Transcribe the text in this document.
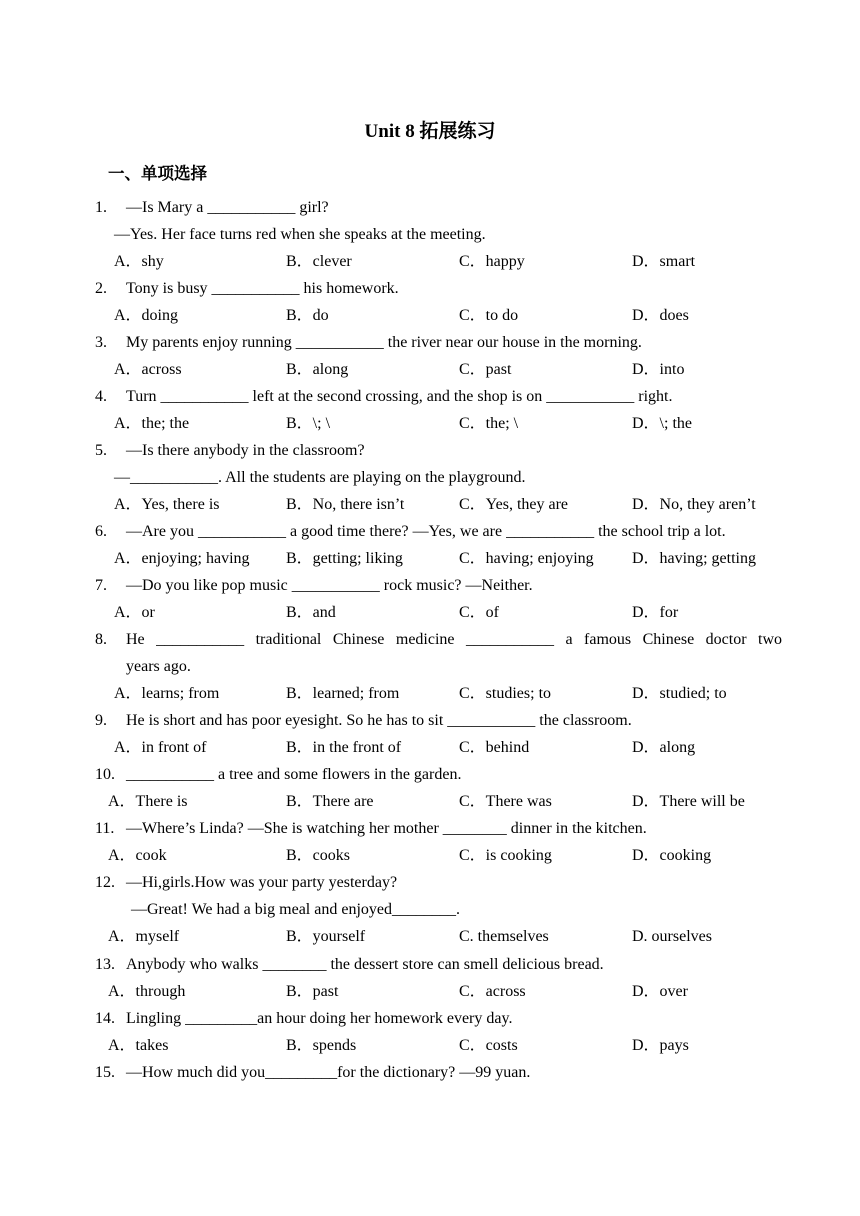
Unit 8 拓展练习
一、单项选择
1. —Is Mary a ___________ girl?
—Yes. Her face turns red when she speaks at the meeting.
A．shy	B．clever	C．happy	D．smart
2. Tony is busy ___________ his homework.
A．doing	B．do	C．to do	D．does
3. My parents enjoy running ___________ the river near our house in the morning.
A．across	B．along	C．past	D．into
4. Turn ___________ left at the second crossing, and the shop is on ___________ right.
A．the; the	B．\; \	C．the; \	D．\; the
5. —Is there anybody in the classroom?
—___________. All the students are playing on the playground.
A．Yes, there is	B．No, there isn’t	C．Yes, they are	D．No, they aren’t
6. —Are you ___________ a good time there? —Yes, we are ___________ the school trip a lot.
A．enjoying; having B．getting; liking	C．having; enjoying D．having; getting
7. —Do you like pop music ___________ rock music? —Neither.
A．or	B．and	C．of	D．for
8. He ___________ traditional Chinese medicine ___________ a famous Chinese doctor two
years ago.
A．learns; from	B．learned; from	C．studies; to	D．studied; to
9. He is short and has poor eyesight. So he has to sit ___________ the classroom.
A．in front of	B．in the front of	C．behind	D．along
10. ___________ a tree and some flowers in the garden.
A．There is	B．There are	C．There was	D．There will be
11. —Where’s Linda? —She is watching her mother ________ dinner in the kitchen.
A．cook	B．cooks	C．is cooking	D．cooking
12. —Hi,girls.How was your party yesterday?
—Great! We had a big meal and enjoyed________.
A．myself	B．yourself	C. themselves	D. ourselves
13. Anybody who walks ________ the dessert store can smell delicious bread.
A．through	B．past	C．across	D．over
14. Lingling _________an hour doing her homework every day.
A．takes	B．spends	C．costs	D．pays
15. —How much did you_________for the dictionary? —99 yuan.
